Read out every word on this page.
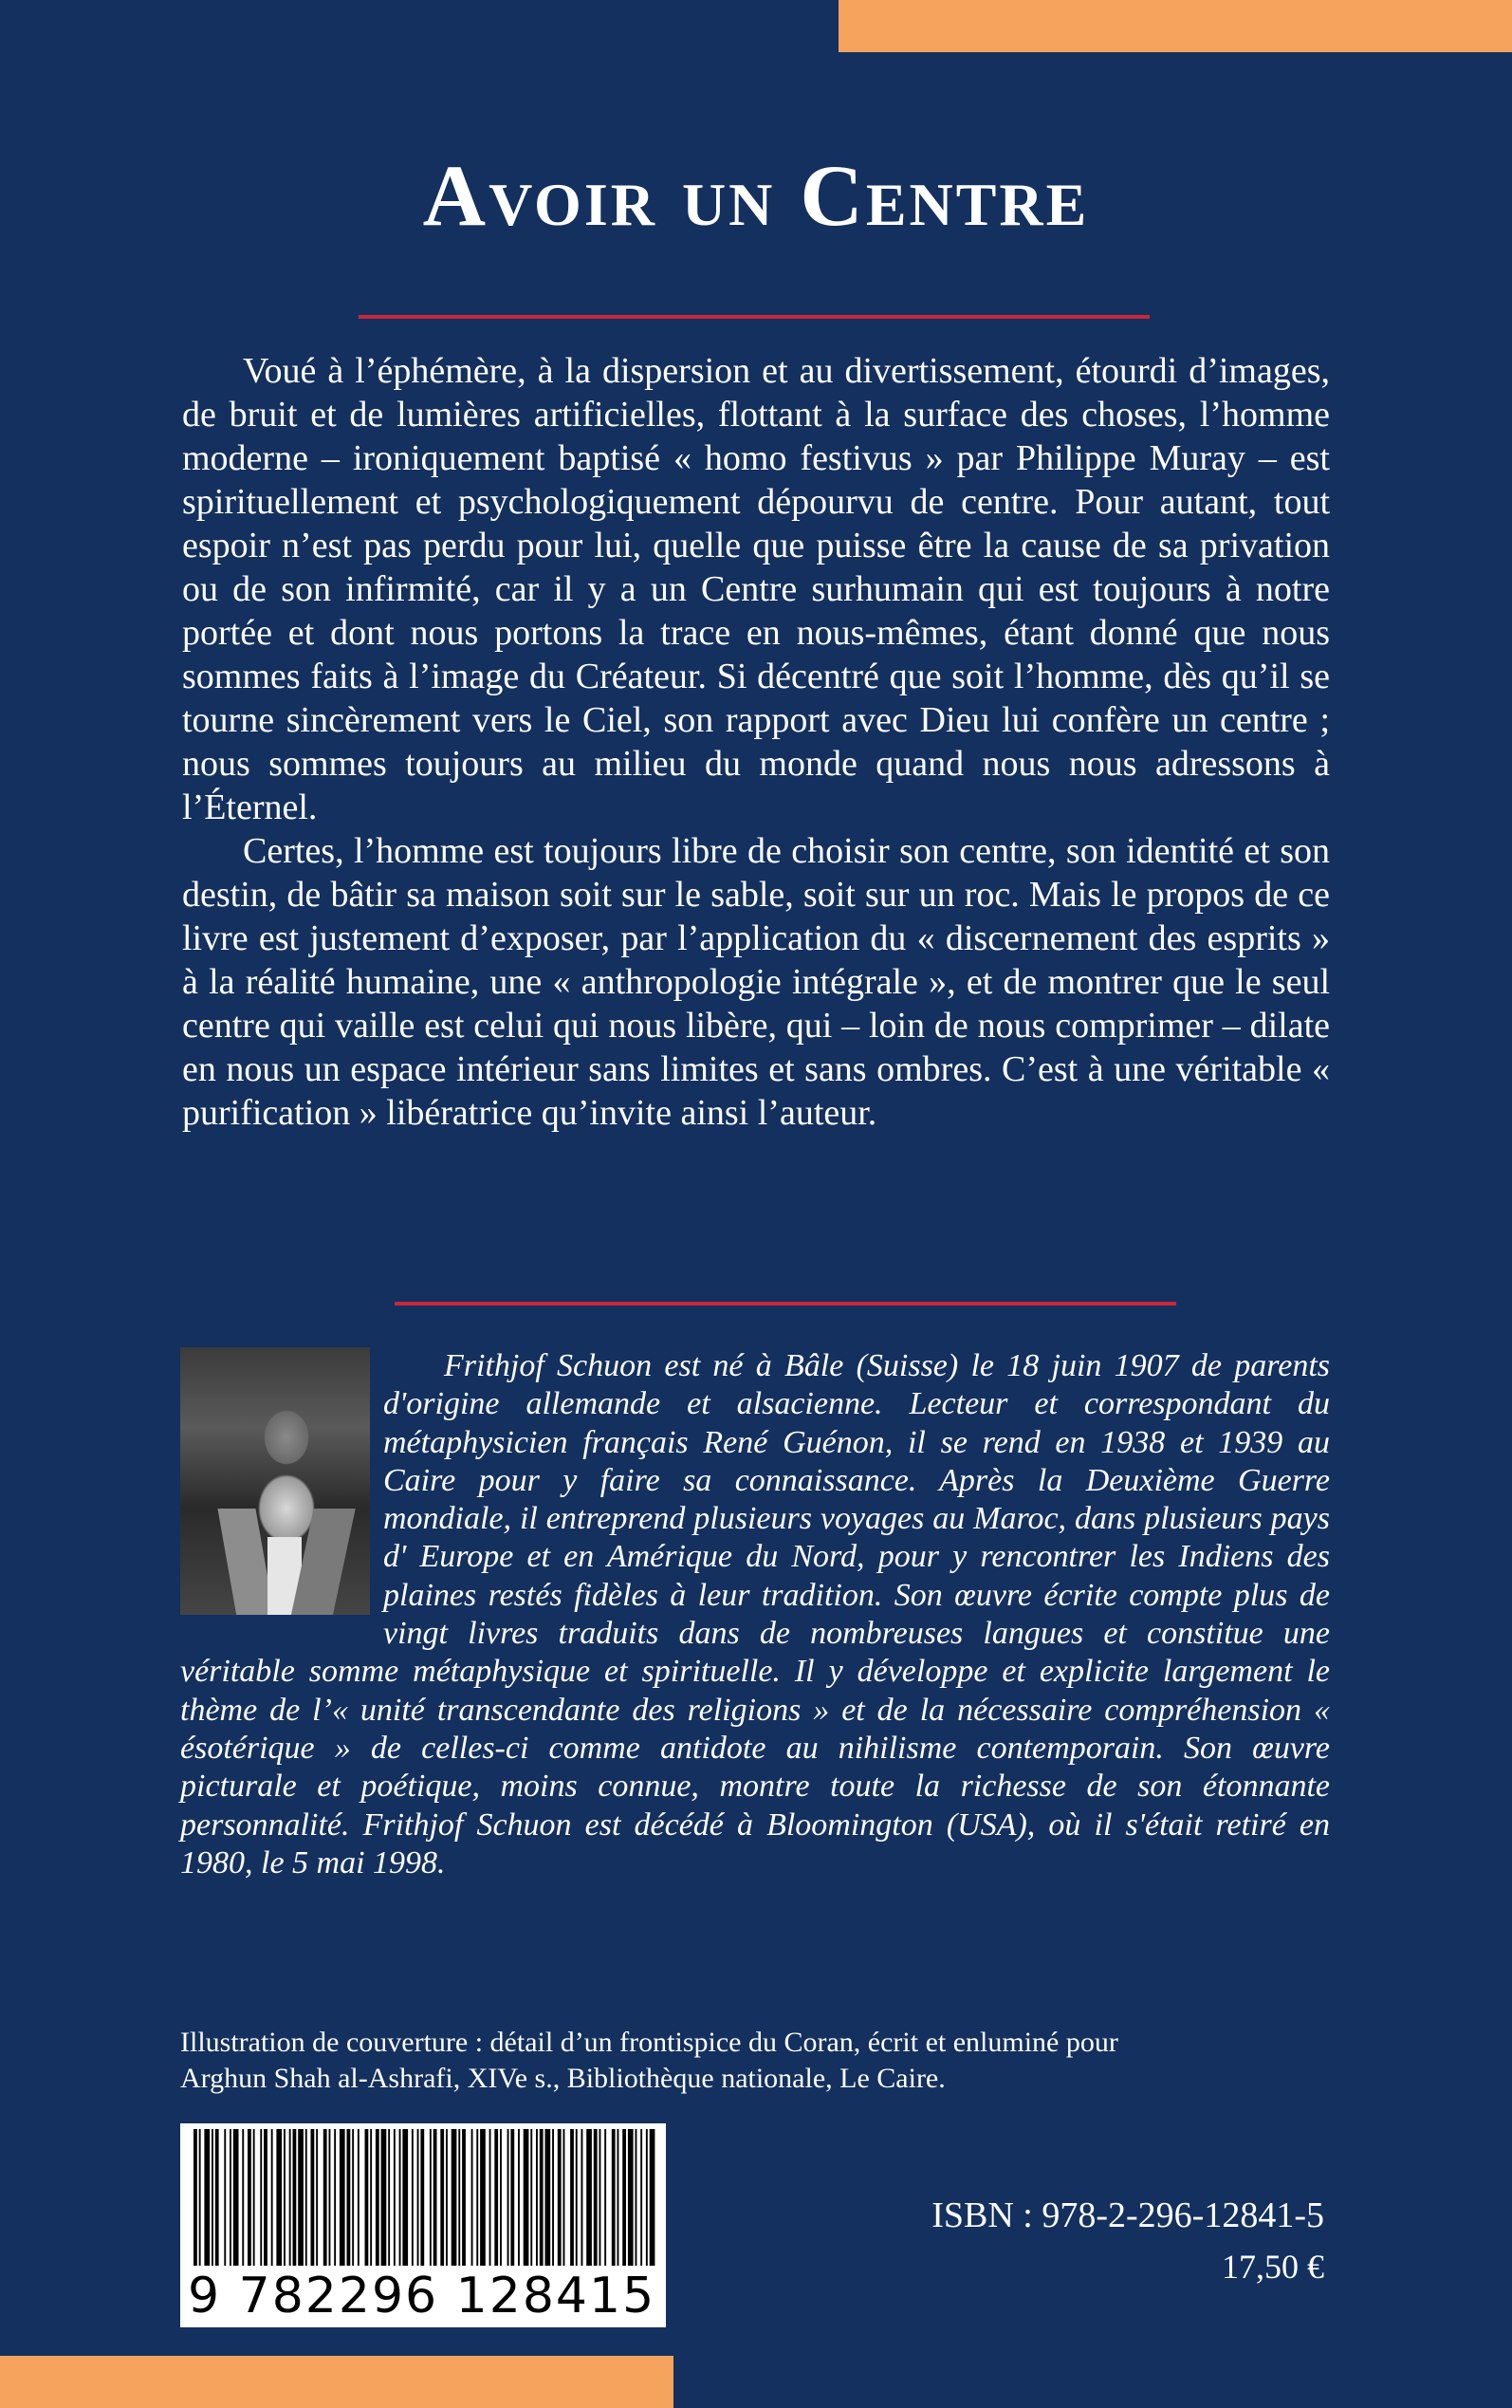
Avoir un Centre

Voué à l’éphémère, à la dispersion et au divertissement, étourdi d’images, de bruit et de lumières artificielles, flottant à la surface des choses, l’homme moderne – ironiquement baptisé « homo festivus » par Philippe Muray – est spirituellement et psychologiquement dépourvu de centre. Pour autant, tout espoir n’est pas perdu pour lui, quelle que puisse être la cause de sa privation ou de son infirmité, car il y a un Centre surhumain qui est toujours à notre portée et dont nous portons la trace en nous-mêmes, étant donné que nous sommes faits à l’image du Créateur. Si décentré que soit l’homme, dès qu’il se tourne sincèrement vers le Ciel, son rapport avec Dieu lui confère un centre ; nous sommes toujours au milieu du monde quand nous nous adressons à l’Éternel.

Certes, l’homme est toujours libre de choisir son centre, son identité et son destin, de bâtir sa maison soit sur le sable, soit sur un roc. Mais le propos de ce livre est justement d’exposer, par l’application du « discernement des esprits » à la réalité humaine, une « anthropologie intégrale », et de montrer que le seul centre qui vaille est celui qui nous libère, qui – loin de nous comprimer – dilate en nous un espace intérieur sans limites et sans ombres. C’est à une véritable « purification » libératrice qu’invite ainsi l’auteur.

Frithjof Schuon est né à Bâle (Suisse) le 18 juin 1907 de parents d'origine allemande et alsacienne. Lecteur et correspondant du métaphysicien français René Guénon, il se rend en 1938 et 1939 au Caire pour y faire sa connaissance. Après la Deuxième Guerre mondiale, il entreprend plusieurs voyages au Maroc, dans plusieurs pays d' Europe et en Amérique du Nord, pour y rencontrer les Indiens des plaines restés fidèles à leur tradition. Son œuvre écrite compte plus de vingt livres traduits dans de nombreuses langues et constitue une véritable somme métaphysique et spirituelle. Il y développe et explicite largement le thème de l’« unité transcendante des religions » et de la nécessaire compréhension « ésotérique » de celles-ci comme antidote au nihilisme contemporain. Son œuvre picturale et poétique, moins connue, montre toute la richesse de son étonnante personnalité. Frithjof Schuon est décédé à Bloomington (USA), où il s'était retiré en 1980, le 5 mai 1998.
Illustration de couverture : détail d’un frontispice du Coran, écrit et enluminé pour
Arghun Shah al-Ashrafi, XIVe s., Bibliothèque nationale, Le Caire.
9 782296 128415
ISBN : 978-2-296-12841-5
17,50 €
